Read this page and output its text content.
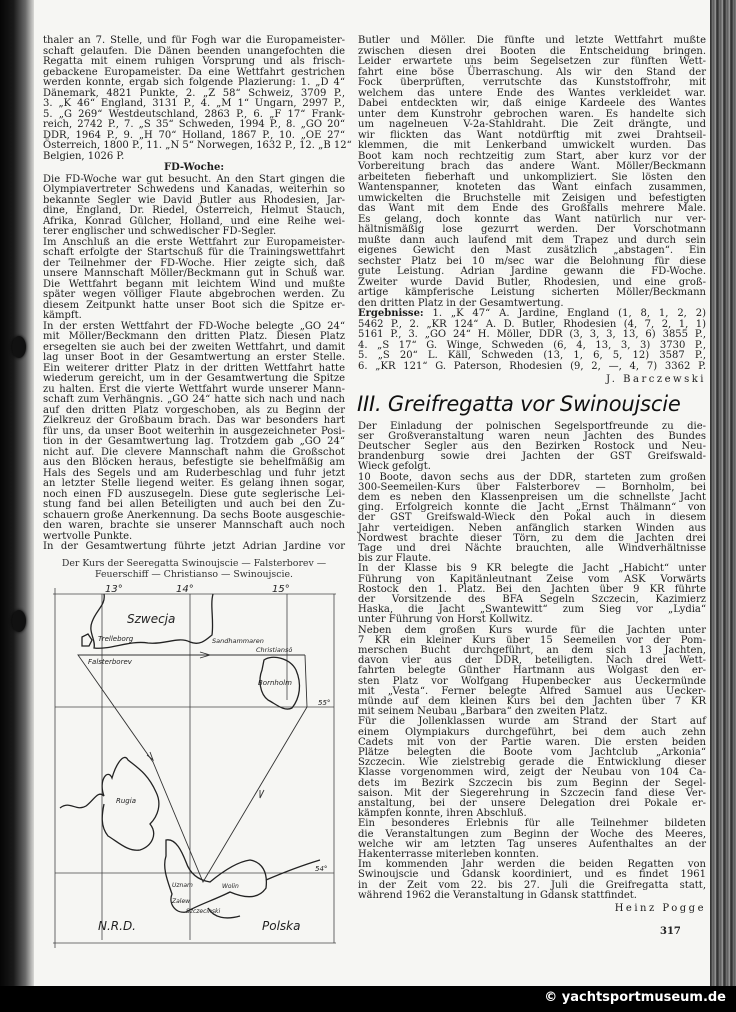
thaler an 7. Stelle, und für Fogh war die Europameister-
schaft gelaufen. Die Dänen beenden unangefochten die
Regatta mit einem ruhigen Vorsprung und als frisch-
gebackene Europameister. Da eine Wettfahrt gestrichen
werden konnte, ergab sich folgende Plazierung: 1. „D 4“
Dänemark, 4821 Punkte, 2. „Z 58“ Schweiz, 3709 P.,
3. „K 46“ England, 3131 P., 4. „M 1“ Ungarn, 2997 P.,
5. „G 269“ Westdeutschland, 2863 P., 6. „F 17“ Frank-
reich, 2742 P., 7. „S 35“ Schweden, 1994 P., 8. „GO 20“
DDR, 1964 P., 9. „H 70“ Holland, 1867 P., 10. „OE 27“
Österreich, 1800 P., 11. „N 5“ Norwegen, 1632 P., 12. „B 12“
Belgien, 1026 P.
FD-Woche:
Die FD-Woche war gut besucht. An den Start gingen die
Olympiavertreter Schwedens und Kanadas, weiterhin so
bekannte Segler wie David Butler aus Rhodesien, Jar-
dine, England, Dr. Riedel, Österreich, Helmut Stauch,
Afrika, Konrad Gülcher, Holland, und eine Reihe wei-
terer englischer und schwedischer FD-Segler.
Im Anschluß an die erste Wettfahrt zur Europameister-
schaft erfolgte der Startschuß für die Trainingswettfahrt
der Teilnehmer der FD-Woche. Hier zeigte sich, daß
unsere Mannschaft Möller/Beckmann gut in Schuß war.
Die Wettfahrt begann mit leichtem Wind und mußte
später wegen völliger Flaute abgebrochen werden. Zu
diesem Zeitpunkt hatte unser Boot sich die Spitze er-
kämpft.
In der ersten Wettfahrt der FD-Woche belegte „GO 24“
mit Möller/Beckmann den dritten Platz. Diesen Platz
ersegelten sie auch bei der zweiten Wettfahrt, und damit
lag unser Boot in der Gesamtwertung an erster Stelle.
Ein weiterer dritter Platz in der dritten Wettfahrt hatte
wiederum gereicht, um in der Gesamtwertung die Spitze
zu halten. Erst die vierte Wettfahrt wurde unserer Mann-
schaft zum Verhängnis. „GO 24“ hatte sich nach und nach
auf den dritten Platz vorgeschoben, als zu Beginn der
Zielkreuz der Großbaum brach. Das war besonders hart
für uns, da unser Boot weiterhin in ausgezeichneter Posi-
tion in der Gesamtwertung lag. Trotzdem gab „GO 24“
nicht auf. Die clevere Mannschaft nahm die Großschot
aus den Blöcken heraus, befestigte sie behelfmäßig am
Hals des Segels und am Ruderbeschlag und fuhr jetzt
an letzter Stelle liegend weiter. Es gelang ihnen sogar,
noch einen FD auszusegeln. Diese gute seglerische Lei-
stung fand bei allen Beteiligten und auch bei den Zu-
schauern große Anerkennung. Da sechs Boote ausgeschie-
den waren, brachte sie unserer Mannschaft auch noch
wertvolle Punkte.
In der Gesamtwertung führte jetzt Adrian Jardine vor
Der Kurs der Seeregatta Swinoujscie — Falsterborev —
Feuerschiff — Christianso — Swinoujscie.
Butler und Möller. Die fünfte und letzte Wettfahrt mußte
zwischen diesen drei Booten die Entscheidung bringen.
Leider erwartete uns beim Segelsetzen zur fünften Wett-
fahrt eine böse Überraschung. Als wir den Stand der
Fock überprüften, verrutschte das Kunststoffrohr, mit
welchem das untere Ende des Wantes verkleidet war.
Dabei entdeckten wir, daß einige Kardeele des Wantes
unter dem Kunstrohr gebrochen waren. Es handelte sich
um nagelneuen V-2a-Stahldraht. Die Zeit drängte, und
wir flickten das Want notdürftig mit zwei Drahtseil-
klemmen, die mit Lenkerband umwickelt wurden. Das
Boot kam noch rechtzeitig zum Start, aber kurz vor der
Vorbereitung brach das andere Want. Möller/Beckmann
arbeiteten fieberhaft und unkompliziert. Sie lösten den
Wantenspanner, knoteten das Want einfach zusammen,
umwickelten die Bruchstelle mit Zeisigen und befestigten
das Want mit dem Ende des Großfalls mehrere Male.
Es gelang, doch konnte das Want natürlich nur ver-
hältnismäßig lose gezurrt werden. Der Vorschotmann
mußte dann auch laufend mit dem Trapez und durch sein
eigenes Gewicht den Mast zusätzlich „abstagen“. Ein
sechster Platz bei 10 m/sec war die Belohnung für diese
gute Leistung. Adrian Jardine gewann die FD-Woche.
Zweiter wurde David Butler, Rhodesien, und eine groß-
artige kämpferische Leistung sicherten Möller/Beckmann
den dritten Platz in der Gesamtwertung.
Ergebnisse: 1. „K 47“ A. Jardine, England (1, 8, 1, 2, 2)
5462 P., 2. „KR 124“ A. D. Butler, Rhodesien (4, 7, 2, 1, 1)
5161 P., 3. „GO 24“ H. Möller, DDR (3, 3, 3, 13, 6) 3855 P.,
4. „S 17“ G. Winge, Schweden (6, 4, 13, 3, 3) 3730 P.,
5. „S 20“ L. Käll, Schweden (13, 1, 6, 5, 12) 3587 P.,
6. „KR 121“ G. Paterson, Rhodesien (9, 2, —, 4, 7) 3362 P.
J. Barczewski
III. Greifregatta vor Swinoujscie
Der Einladung der polnischen Segelsportfreunde zu die-
ser Großveranstaltung waren neun Jachten des Bundes
Deutscher Segler aus den Bezirken Rostock und Neu-
brandenburg sowie drei Jachten der GST Greifswald-
Wieck gefolgt.
10 Boote, davon sechs aus der DDR, starteten zum großen
300-Seemeilen-Kurs über Falsterborev — Bornholm, bei
dem es neben den Klassenpreisen um die schnellste Jacht
ging. Erfolgreich konnte die Jacht „Ernst Thälmann“ von
der GST Greifswald-Wieck den Pokal auch in diesem
Jahr verteidigen. Neben anfänglich starken Winden aus
Nordwest brachte dieser Törn, zu dem die Jachten drei
Tage und drei Nächte brauchten, alle Windverhältnisse
bis zur Flaute.
In der Klasse bis 9 KR belegte die Jacht „Habicht“ unter
Führung von Kapitänleutnant Zeise vom ASK Vorwärts
Rostock den 1. Platz. Bei den Jachten über 9 KR führte
der Vorsitzende des BFA Segeln Szczecin, Kazimierz
Haska, die Jacht „Swantewitt“ zum Sieg vor „Lydia“
unter Führung von Horst Kollwitz.
Neben dem großen Kurs wurde für die Jachten unter
7 KR ein kleiner Kurs über 15 Seemeilen vor der Pom-
merschen Bucht durchgeführt, an dem sich 13 Jachten,
davon vier aus der DDR, beteiligten. Nach drei Wett-
fahrten belegte Günther Hartmann aus Wolgast den er-
sten Platz vor Wolfgang Hupenbecker aus Ueckermünde
mit „Vesta“. Ferner belegte Alfred Samuel aus Uecker-
münde auf dem kleinen Kurs bei den Jachten über 7 KR
mit seinem Neubau „Barbara“ den zweiten Platz.
Für die Jollenklassen wurde am Strand der Start auf
einem Olympiakurs durchgeführt, bei dem auch zehn
Cadets mit von der Partie waren. Die ersten beiden
Plätze belegten die Boote vom Jachtclub „Arkonia“
Szczecin. Wie zielstrebig gerade die Entwicklung dieser
Klasse vorgenommen wird, zeigt der Neubau von 104 Ca-
dets im Bezirk Szczecin bis zum Beginn der Segel-
saison. Mit der Siegerehrung in Szczecin fand diese Ver-
anstaltung, bei der unsere Delegation drei Pokale er-
kämpfen konnte, ihren Abschluß.
Ein besonderes Erlebnis für alle Teilnehmer bildeten
die Veranstaltungen zum Beginn der Woche des Meeres,
welche wir am letzten Tag unseres Aufenthaltes an der
Hakenterrasse miterleben konnten.
Im kommenden Jahr werden die beiden Regatten von
Swinoujscie und Gdansk koordiniert, und es findet 1961
in der Zeit vom 22. bis 27. Juli die Greifregatta statt,
während 1962 die Veranstaltung in Gdansk stattfindet.
Heinz Pogge
13°	14°	15°
55°
54°
Szwecja
Trelleborg	Sandhammaren
Christiansö
Falsterborev
Bornholm
Rugia
Uznam	Wolin
Zalew
Szczecinski
N.R.D.	Polska	317
© yachtsportmuseum.de
